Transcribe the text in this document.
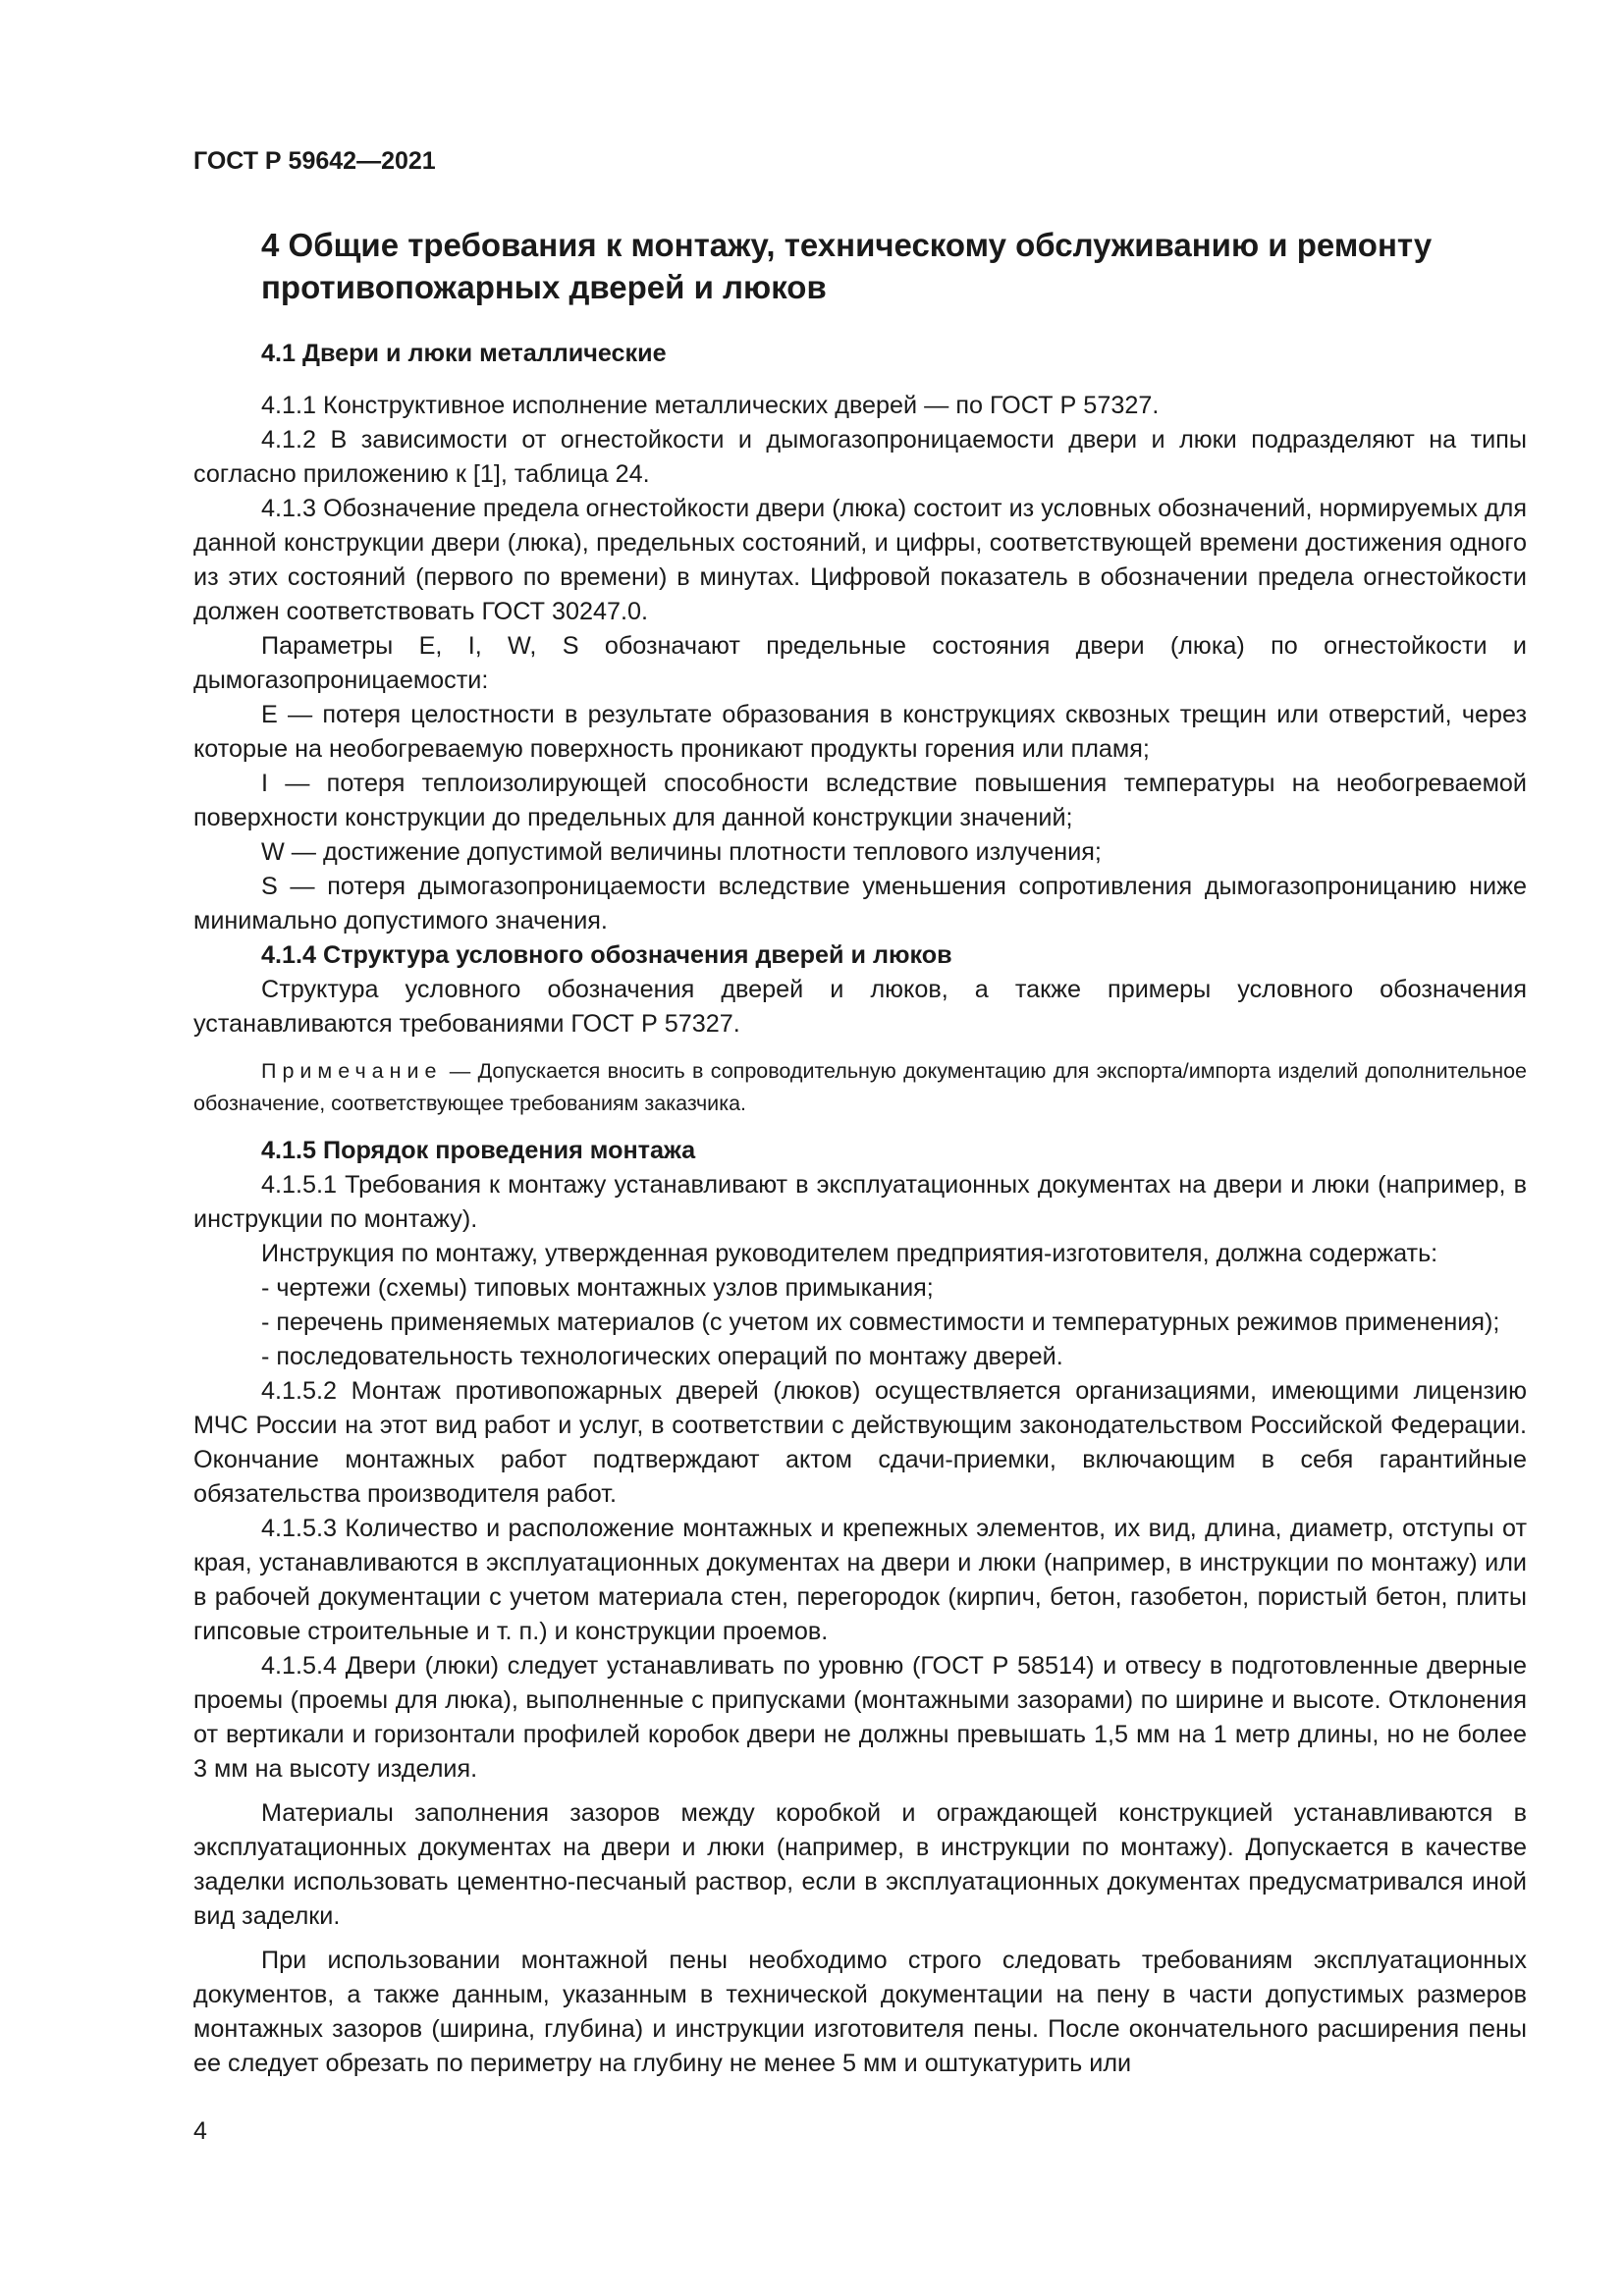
ГОСТ Р 59642—2021
4 Общие требования к монтажу, техническому обслуживанию и ремонту противопожарных дверей и люков

4.1 Двери и люки металлические

4.1.1 Конструктивное исполнение металлических дверей — по ГОСТ Р 57327.

4.1.2 В зависимости от огнестойкости и дымогазопроницаемости двери и люки подразделяют на типы согласно приложению к [1], таблица 24.

4.1.3 Обозначение предела огнестойкости двери (люка) состоит из условных обозначений, нормируемых для данной конструкции двери (люка), предельных состояний, и цифры, соответствующей времени достижения одного из этих состояний (первого по времени) в минутах. Цифровой показатель в обозначении предела огнестойкости должен соответствовать ГОСТ 30247.0.

Параметры E, I, W, S обозначают предельные состояния двери (люка) по огнестойкости и дымогазопроницаемости:

Е — потеря целостности в результате образования в конструкциях сквозных трещин или отверстий, через которые на необогреваемую поверхность проникают продукты горения или пламя;

I — потеря теплоизолирующей способности вследствие повышения температуры на необогреваемой поверхности конструкции до предельных для данной конструкции значений;

W — достижение допустимой величины плотности теплового излучения;

S — потеря дымогазопроницаемости вследствие уменьшения сопротивления дымогазопроницанию ниже минимально допустимого значения.

4.1.4 Структура условного обозначения дверей и люков

Структура условного обозначения дверей и люков, а также примеры условного обозначения устанавливаются требованиями ГОСТ Р 57327.

Примечание — Допускается вносить в сопроводительную документацию для экспорта/импорта изделий дополнительное обозначение, соответствующее требованиям заказчика.

4.1.5 Порядок проведения монтажа

4.1.5.1 Требования к монтажу устанавливают в эксплуатационных документах на двери и люки (например, в инструкции по монтажу).

Инструкция по монтажу, утвержденная руководителем предприятия-изготовителя, должна содержать:

- чертежи (схемы) типовых монтажных узлов примыкания;

- перечень применяемых материалов (с учетом их совместимости и температурных режимов применения);

- последовательность технологических операций по монтажу дверей.

4.1.5.2 Монтаж противопожарных дверей (люков) осуществляется организациями, имеющими лицензию МЧС России на этот вид работ и услуг, в соответствии с действующим законодательством Российской Федерации. Окончание монтажных работ подтверждают актом сдачи-приемки, включающим в себя гарантийные обязательства производителя работ.

4.1.5.3 Количество и расположение монтажных и крепежных элементов, их вид, длина, диаметр, отступы от края, устанавливаются в эксплуатационных документах на двери и люки (например, в инструкции по монтажу) или в рабочей документации с учетом материала стен, перегородок (кирпич, бетон, газобетон, пористый бетон, плиты гипсовые строительные и т. п.) и конструкции проемов.

4.1.5.4 Двери (люки) следует устанавливать по уровню (ГОСТ Р 58514) и отвесу в подготовленные дверные проемы (проемы для люка), выполненные с припусками (монтажными зазорами) по ширине и высоте. Отклонения от вертикали и горизонтали профилей коробок двери не должны превышать 1,5 мм на 1 метр длины, но не более 3 мм на высоту изделия.

Материалы заполнения зазоров между коробкой и ограждающей конструкцией устанавливаются в эксплуатационных документах на двери и люки (например, в инструкции по монтажу). Допускается в качестве заделки использовать цементно-песчаный раствор, если в эксплуатационных документах предусматривался иной вид заделки.

При использовании монтажной пены необходимо строго следовать требованиям эксплуатационных документов, а также данным, указанным в технической документации на пену в части допустимых размеров монтажных зазоров (ширина, глубина) и инструкции изготовителя пены. После окончательного расширения пены ее следует обрезать по периметру на глубину не менее 5 мм и оштукатурить или

4
